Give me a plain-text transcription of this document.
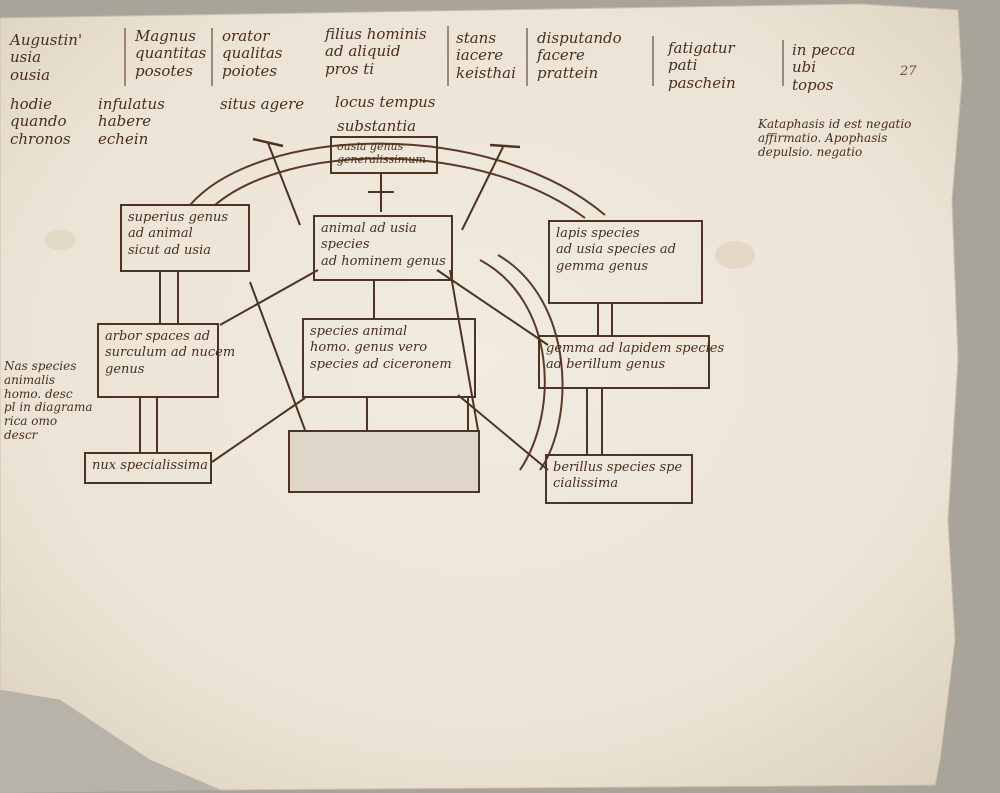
Augustin'
usia
ousia
Magnus
quantitas
posotes
orator
qualitas
poiotes
filius hominis
ad aliquid
pros ti
stans
iacere
keisthai
disputando
facere
prattein
fatigatur
pati
paschein
in pecca
ubi
topos
hodie
quando
chronos
infulatus
habere
echein
situs agere locus tempus
substantia	Kataphasis id est negatio
affirmatio. Apophasis
depulsio. negatio
27
Nas species
animalis
homo. desc
pl in diagrama
rica omo
descr
ousia genus
generalissimum
animal ad usia
species
ad hominem genus
superius genus
ad animal
sicut ad usia
arbor spaces ad
surculum ad nucem
genus
nux specialissima
species animal
homo. genus vero
species ad ciceronem
lapis species
ad usia species ad
gemma genus
gemma ad lapidem species
ad berillum genus
berillus species spe
cialissima
